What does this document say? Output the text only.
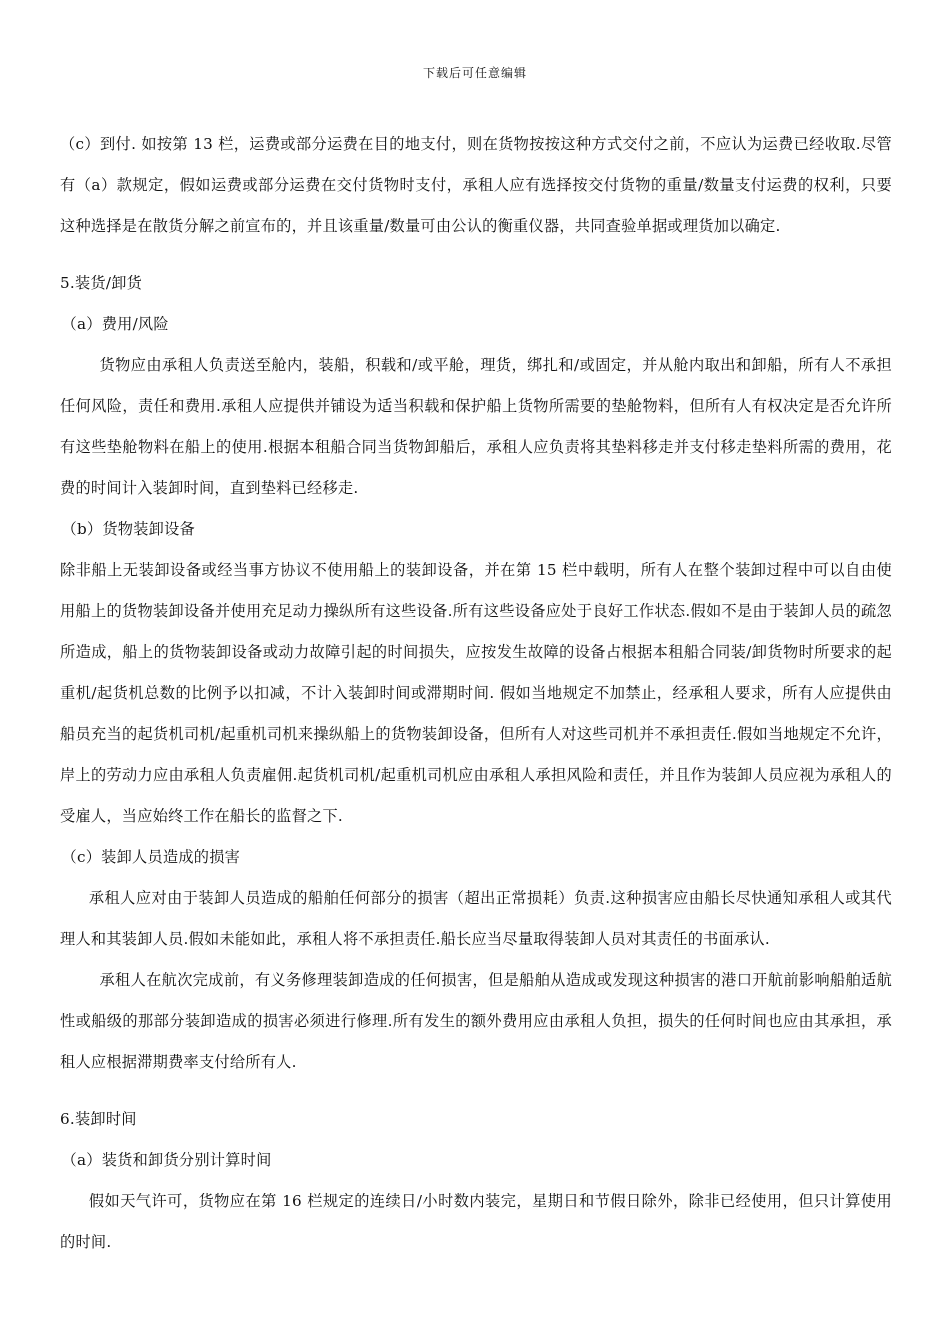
下载后可任意编辑

（c）到付. 如按第 13 栏，运费或部分运费在目的地支付，则在货物按按这种方式交付之前，不应认为运费已经收取.尽管有（a）款规定，假如运费或部分运费在交付货物时支付，承租人应有选择按交付货物的重量/数量支付运费的权利，只要这种选择是在散货分解之前宣布的，并且该重量/数量可由公认的衡重仪器，共同查验单据或理货加以确定.

5.装货/卸货

（a）费用/风险

货物应由承租人负责送至舱内，装船，积载和/或平舱，理货，绑扎和/或固定，并从舱内取出和卸船，所有人不承担任何风险，责任和费用.承租人应提供并铺设为适当积载和保护船上货物所需要的垫舱物料，但所有人有权决定是否允许所有这些垫舱物料在船上的使用.根据本租船合同当货物卸船后，承租人应负责将其垫料移走并支付移走垫料所需的费用，花费的时间计入装卸时间，直到垫料已经移走.

（b）货物装卸设备

除非船上无装卸设备或经当事方协议不使用船上的装卸设备，并在第 15 栏中载明，所有人在整个装卸过程中可以自由使用船上的货物装卸设备并使用充足动力操纵所有这些设备.所有这些设备应处于良好工作状态.假如不是由于装卸人员的疏忽所造成，船上的货物装卸设备或动力故障引起的时间损失，应按发生故障的设备占根据本租船合同装/卸货物时所要求的起重机/起货机总数的比例予以扣减，不计入装卸时间或滞期时间. 假如当地规定不加禁止，经承租人要求，所有人应提供由船员充当的起货机司机/起重机司机来操纵船上的货物装卸设备，但所有人对这些司机并不承担责任.假如当地规定不允许，岸上的劳动力应由承租人负责雇佣.起货机司机/起重机司机应由承租人承担风险和责任，并且作为装卸人员应视为承租人的受雇人，当应始终工作在船长的监督之下.

（c）装卸人员造成的损害

承租人应对由于装卸人员造成的船舶任何部分的损害（超出正常损耗）负责.这种损害应由船长尽快通知承租人或其代理人和其装卸人员.假如未能如此，承租人将不承担责任.船长应当尽量取得装卸人员对其责任的书面承认.

承租人在航次完成前，有义务修理装卸造成的任何损害，但是船舶从造成或发现这种损害的港口开航前影响船舶适航性或船级的那部分装卸造成的损害必须进行修理.所有发生的额外费用应由承租人负担，损失的任何时间也应由其承担，承租人应根据滞期费率支付给所有人.

6.装卸时间

（a）装货和卸货分别计算时间

假如天气许可，货物应在第 16 栏规定的连续日/小时数内装完，星期日和节假日除外，除非已经使用，但只计算使用的时间.
